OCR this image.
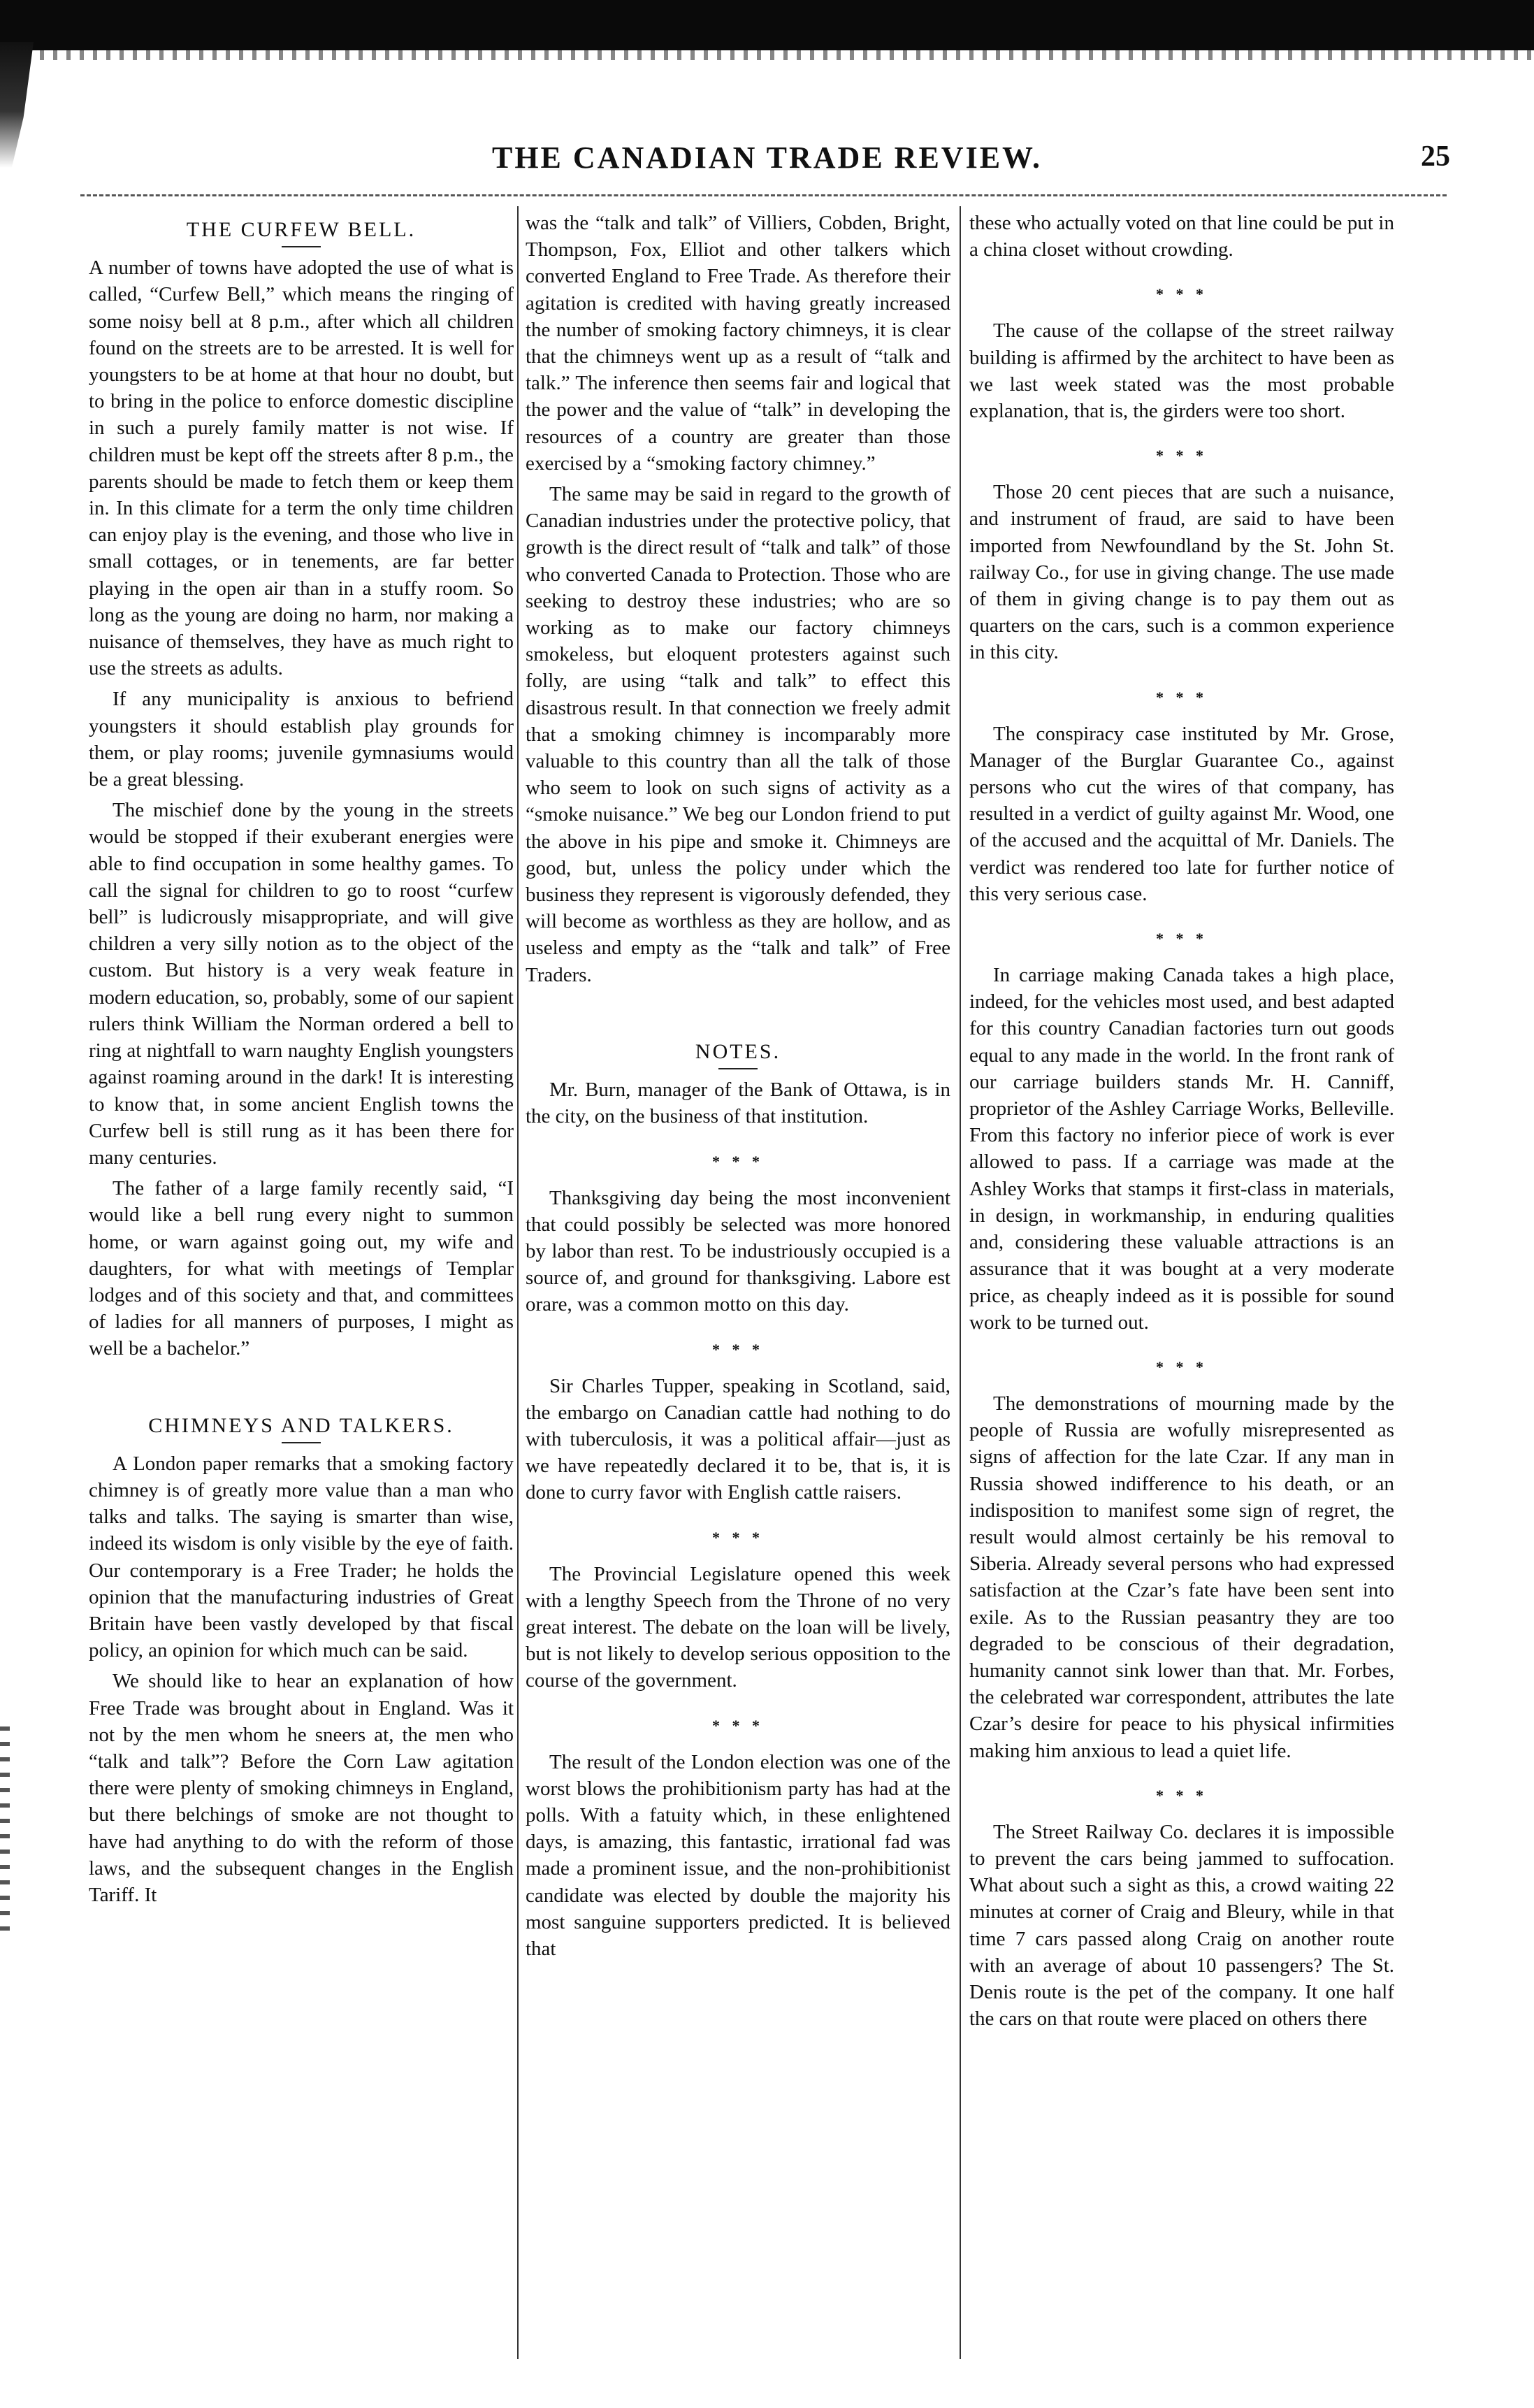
THE CANADIAN TRADE REVIEW.	25
THE CURFEW BELL.

A number of towns have adopted the use of what is called, “Curfew Bell,” which means the ringing of some noisy bell at 8 p.m., after which all children found on the streets are to be arrested. It is well for youngsters to be at home at that hour no doubt, but to bring in the police to enforce domestic discipline in such a purely family matter is not wise. If children must be kept off the streets after 8 p.m., the parents should be made to fetch them or keep them in. In this climate for a term the only time children can enjoy play is the evening, and those who live in small cottages, or in tenements, are far better playing in the open air than in a stuffy room. So long as the young are doing no harm, nor making a nuisance of themselves, they have as much right to use the streets as adults.

If any municipality is anxious to befriend youngsters it should establish play grounds for them, or play rooms; juvenile gymnasiums would be a great blessing.

The mischief done by the young in the streets would be stopped if their exuberant energies were able to find occupation in some healthy games. To call the signal for children to go to roost “curfew bell” is ludicrously misappropriate, and will give children a very silly notion as to the object of the custom. But history is a very weak feature in modern education, so, probably, some of our sapient rulers think William the Norman ordered a bell to ring at nightfall to warn naughty English youngsters against roaming around in the dark! It is interesting to know that, in some ancient English towns the Curfew bell is still rung as it has been there for many centuries.

The father of a large family recently said, “I would like a bell rung every night to summon home, or warn against going out, my wife and daughters, for what with meetings of Templar lodges and of this society and that, and committees of ladies for all manners of purposes, I might as well be a bachelor.”

CHIMNEYS AND TALKERS.

A London paper remarks that a smoking factory chimney is of greatly more value than a man who talks and talks. The saying is smarter than wise, indeed its wisdom is only visible by the eye of faith. Our contemporary is a Free Trader; he holds the opinion that the manufacturing industries of Great Britain have been vastly developed by that fiscal policy, an opinion for which much can be said.

We should like to hear an explanation of how Free Trade was brought about in England. Was it not by the men whom he sneers at, the men who “talk and talk”? Before the Corn Law agitation there were plenty of smoking chimneys in England, but there belchings of smoke are not thought to have had anything to do with the reform of those laws, and the subsequent changes in the English Tariff. It

was the “talk and talk” of Villiers, Cobden, Bright, Thompson, Fox, Elliot and other talkers which converted England to Free Trade. As therefore their agitation is credited with having greatly increased the number of smoking factory chimneys, it is clear that the chimneys went up as a result of “talk and talk.” The inference then seems fair and logical that the power and the value of “talk” in developing the resources of a country are greater than those exercised by a “smoking factory chimney.”

The same may be said in regard to the growth of Canadian industries under the protective policy, that growth is the direct result of “talk and talk” of those who converted Canada to Protection. Those who are seeking to destroy these industries; who are so working as to make our factory chimneys smokeless, but eloquent protesters against such folly, are using “talk and talk” to effect this disastrous result. In that connection we freely admit that a smoking chimney is incomparably more valuable to this country than all the talk of those who seem to look on such signs of activity as a “smoke nuisance.” We beg our London friend to put the above in his pipe and smoke it. Chimneys are good, but, unless the policy under which the business they represent is vigorously defended, they will become as worthless as they are hollow, and as useless and empty as the “talk and talk” of Free Traders.

NOTES.

Mr. Burn, manager of the Bank of Ottawa, is in the city, on the business of that institution.

* * *

Thanksgiving day being the most inconvenient that could possibly be selected was more honored by labor than rest. To be industriously occupied is a source of, and ground for thanksgiving. Labore est orare, was a common motto on this day.

* * *

Sir Charles Tupper, speaking in Scotland, said, the embargo on Canadian cattle had nothing to do with tuberculosis, it was a political affair—just as we have repeatedly declared it to be, that is, it is done to curry favor with English cattle raisers.

* * *

The Provincial Legislature opened this week with a lengthy Speech from the Throne of no very great interest. The debate on the loan will be lively, but is not likely to develop serious opposition to the course of the government.

* * *

The result of the London election was one of the worst blows the prohibitionism party has had at the polls. With a fatuity which, in these enlightened days, is amazing, this fantastic, irrational fad was made a prominent issue, and the non-prohibitionist candidate was elected by double the majority his most sanguine supporters predicted. It is believed that

these who actually voted on that line could be put in a china closet without crowding.

* * *

The cause of the collapse of the street railway building is affirmed by the architect to have been as we last week stated was the most probable explanation, that is, the girders were too short.

* * *

Those 20 cent pieces that are such a nuisance, and instrument of fraud, are said to have been imported from Newfoundland by the St. John St. railway Co., for use in giving change. The use made of them in giving change is to pay them out as quarters on the cars, such is a common experience in this city.

* * *

The conspiracy case instituted by Mr. Grose, Manager of the Burglar Guarantee Co., against persons who cut the wires of that company, has resulted in a verdict of guilty against Mr. Wood, one of the accused and the acquittal of Mr. Daniels. The verdict was rendered too late for further notice of this very serious case.

* * *

In carriage making Canada takes a high place, indeed, for the vehicles most used, and best adapted for this country Canadian factories turn out goods equal to any made in the world. In the front rank of our carriage builders stands Mr. H. Canniff, proprietor of the Ashley Carriage Works, Belleville. From this factory no inferior piece of work is ever allowed to pass. If a carriage was made at the Ashley Works that stamps it first-class in materials, in design, in workmanship, in enduring qualities and, considering these valuable attractions is an assurance that it was bought at a very moderate price, as cheaply indeed as it is possible for sound work to be turned out.

* * *

The demonstrations of mourning made by the people of Russia are wofully misrepresented as signs of affection for the late Czar. If any man in Russia showed indifference to his death, or an indisposition to manifest some sign of regret, the result would almost certainly be his removal to Siberia. Already several persons who had expressed satisfaction at the Czar’s fate have been sent into exile. As to the Russian peasantry they are too degraded to be conscious of their degradation, humanity cannot sink lower than that. Mr. Forbes, the celebrated war correspondent, attributes the late Czar’s desire for peace to his physical infirmities making him anxious to lead a quiet life.

* * *

The Street Railway Co. declares it is impossible to prevent the cars being jammed to suffocation. What about such a sight as this, a crowd waiting 22 minutes at corner of Craig and Bleury, while in that time 7 cars passed along Craig on another route with an average of about 10 passengers? The St. Denis route is the pet of the company. It one half the cars on that route were placed on others there
